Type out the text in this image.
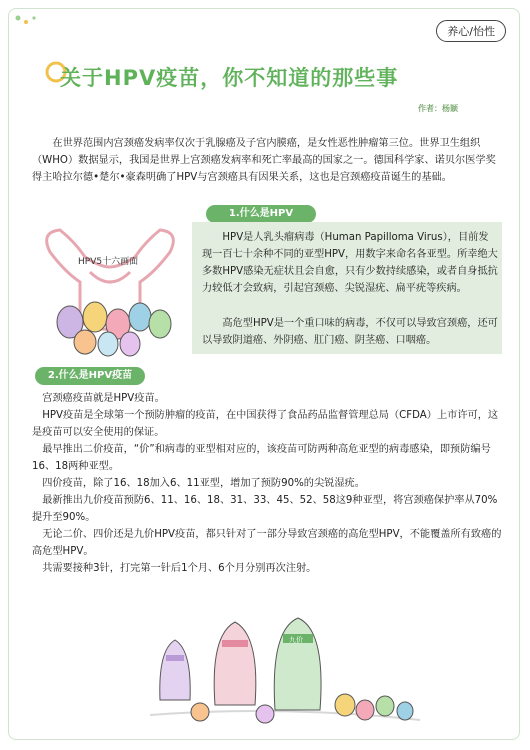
养心/怡性
关于HPV疫苗，你不知道的那些事
作者：杨颖

在世界范围内宫颈癌发病率仅次于乳腺癌及子宫内膜癌，是女性恶性肿瘤第三位。世界卫生组织（WHO）数据显示，我国是世界上宫颈癌发病率和死亡率最高的国家之一。德国科学家、诺贝尔医学奖得主哈拉尔德•楚尔•豪森明确了HPV与宫颈癌具有因果关系，这也是宫颈癌疫苗诞生的基础。

1.什么是HPV
HPV5十六画面

HPV是人乳头瘤病毒（Human Papilloma Virus），目前发现一百七十余种不同的亚型HPV，用数字来命名各亚型。所幸绝大多数HPV感染无症状且会自愈，只有少数持续感染，或者自身抵抗力较低才会致病，引起宫颈癌、尖锐湿疣、扁平疣等疾病。

高危型HPV是一个重口味的病毒，不仅可以导致宫颈癌，还可以导致阴道癌、外阴癌、肛门癌、阴茎癌、口咽癌。

2.什么是HPV疫苗

宫颈癌疫苗就是HPV疫苗。

HPV疫苗是全球第一个预防肿瘤的疫苗，在中国获得了食品药品监督管理总局（CFDA）上市许可，这是疫苗可以安全使用的保证。

最早推出二价疫苗，“价”和病毒的亚型相对应的，该疫苗可防两种高危亚型的病毒感染，即预防编号16、18两种亚型。

四价疫苗，除了16、18加入6、11亚型，增加了预防90%的尖锐湿疣。

最新推出九价疫苗预防6、11、16、18、31、33、45、52、58这9种亚型，将宫颈癌保护率从70%提升至90%。

无论二价、四价还是九价HPV疫苗，都只针对了一部分导致宫颈癌的高危型HPV，不能覆盖所有致癌的高危型HPV。

共需要接种3针，打完第一针后1个月、6个月分别再次注射。

九价
